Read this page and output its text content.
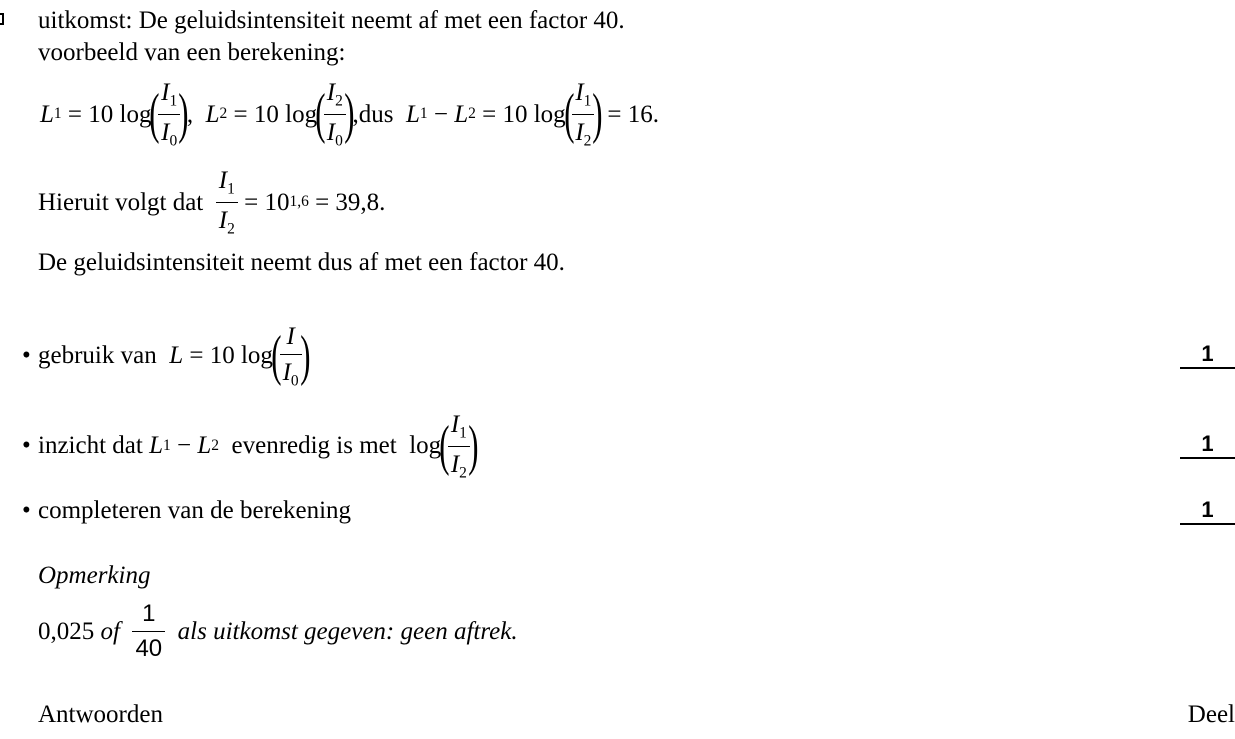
uitkomst: De geluidsintensiteit neemt af met een factor 40.
voorbeeld van een berekening:
L 1 = 10
log
(
$\frac{I_1}{I_0}$
)
,
L 2 = 10
log
(
$\frac{I_2}{I_0}$
)
,dus
L 1 − L 2 = 10
log
(
$\frac{I_1}{I_2}$
)
= 16.
Hieruit volgt dat
$\frac{I_1}{I_2} = 10$ 1,6 = 39,8.
De geluidsintensiteit neemt dus af met een factor 40.
• gebruik van
L = 10
log
(
$\frac{I}{I_0}$
)	1
• inzicht dat
L 1 − L 2
evenredig is met
log
(
$\frac{I_1}{I_2}$
)	1
• completeren van de berekening	1
Opmerking
0,025
of
$\frac{1}{40}$
als uitkomst gegeven: geen aftrek.
Antwoorden	Deel
